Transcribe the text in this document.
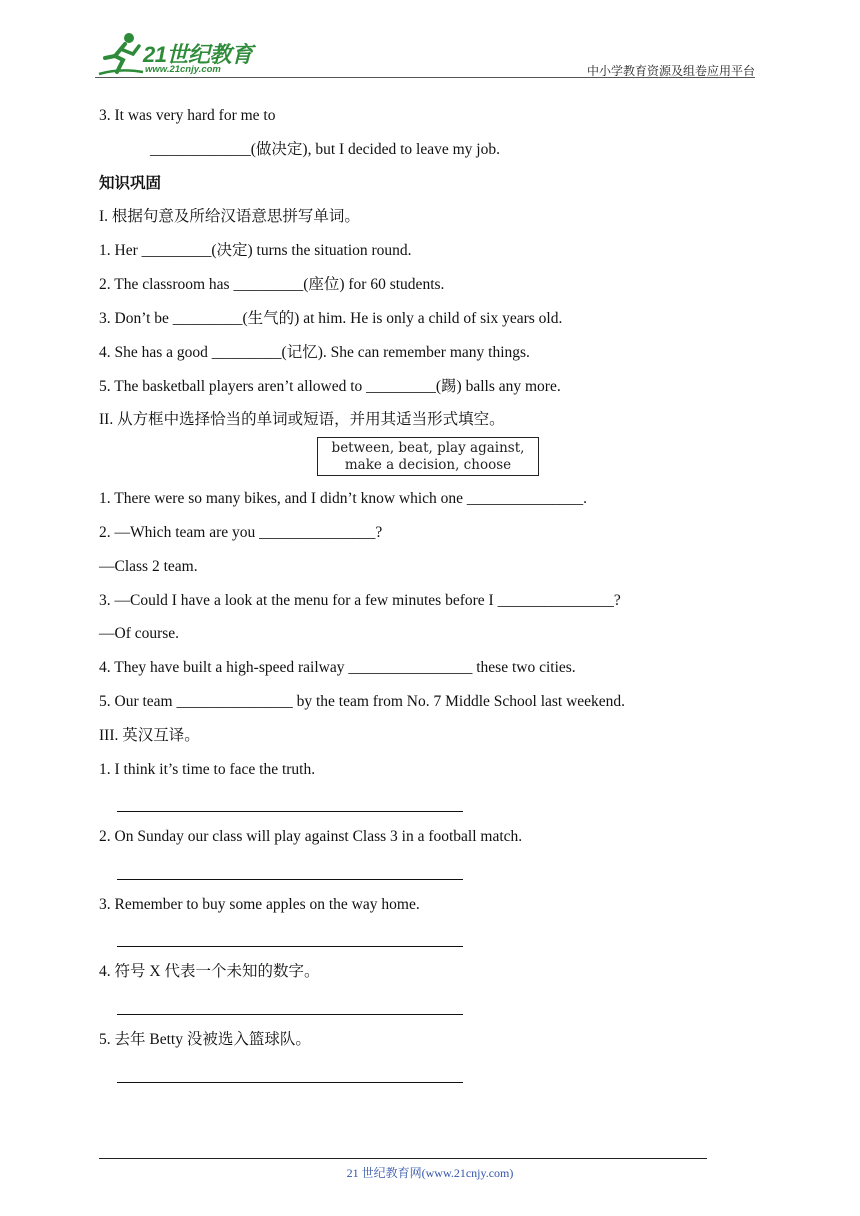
21世纪教育
www.21cnjy.com	中小学教育资源及组卷应用平台
3. It was very hard for me to
_____________(做决定), but I decided to leave my job.
知识巩固
I. 根据句意及所给汉语意思拼写单词。
1. Her _________(决定) turns the situation round.
2. The classroom has _________(座位) for 60 students.
3. Don’t be _________(生气的) at him. He is only a child of six years old.
4. She has a good _________(记忆). She can remember many things.
5. The basketball players aren’t allowed to _________(踢) balls any more.
II. 从方框中选择恰当的单词或短语，并用其适当形式填空。
between, beat, play against,
make a decision, choose
1. There were so many bikes, and I didn’t know which one _______________.
2. —Which team are you _______________?
—Class 2 team.
3. —Could I have a look at the menu for a few minutes before I _______________?
—Of course.
4. They have built a high-speed railway ________________ these two cities.
5. Our team _______________ by the team from No. 7 Middle School last weekend.
III. 英汉互译。
1. I think it’s time to face the truth.
2. On Sunday our class will play against Class 3 in a football match.
3. Remember to buy some apples on the way home.
4. 符号 X 代表一个未知的数字。
5. 去年 Betty 没被选入篮球队。
21 世纪教育网(www.21cnjy.com)
